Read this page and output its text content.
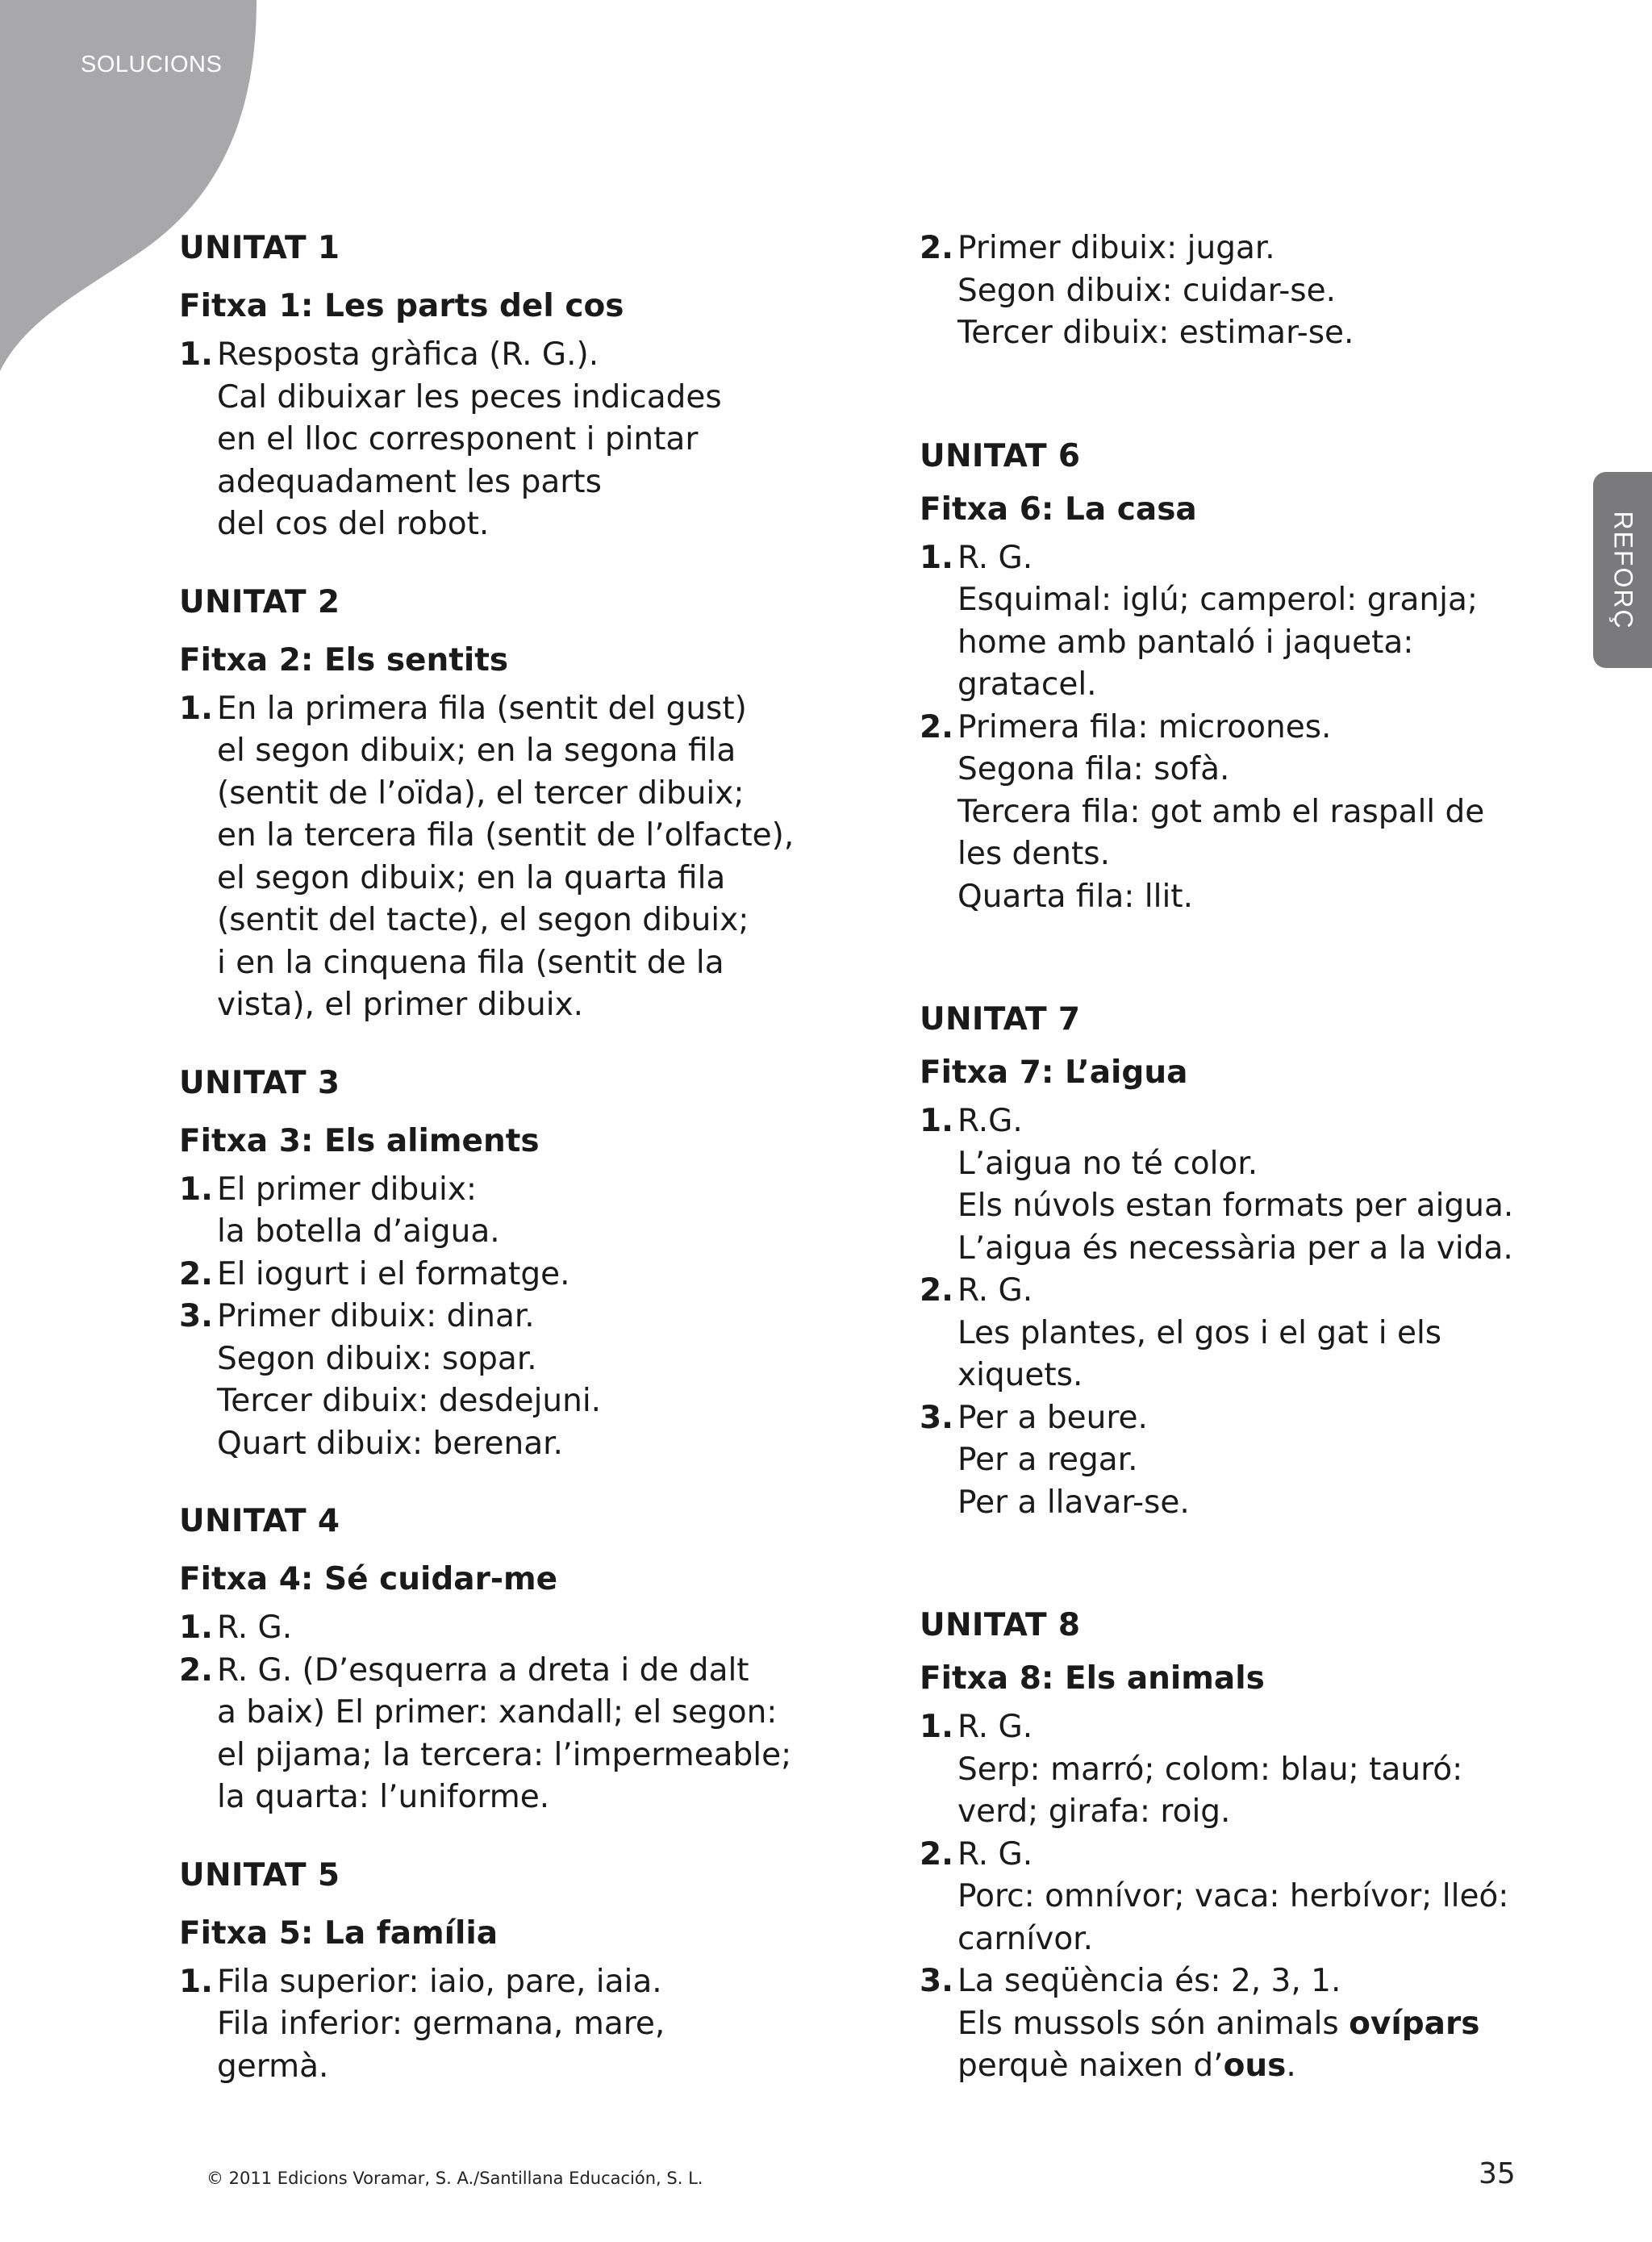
SOLUCIONS
REFORÇ
UNITAT 1
Fitxa 1: Les parts del cos
1. Resposta gràfica (R. G.).
Cal dibuixar les peces indicades
en el lloc corresponent i pintar
adequadament les parts
del cos del robot.
UNITAT 2
Fitxa 2: Els sentits
1. En la primera fila (sentit del gust)
el segon dibuix; en la segona fila
(sentit de l’oïda), el tercer dibuix;
en la tercera fila (sentit de l’olfacte),
el segon dibuix; en la quarta fila
(sentit del tacte), el segon dibuix;
i en la cinquena fila (sentit de la
vista), el primer dibuix.
UNITAT 3
Fitxa 3: Els aliments
1. El primer dibuix:
la botella d’aigua.
2. El iogurt i el formatge.
3. Primer dibuix: dinar.
Segon dibuix: sopar.
Tercer dibuix: desdejuni.
Quart dibuix: berenar.
UNITAT 4
Fitxa 4: Sé cuidar-me
1. R. G.
2. R. G. (D’esquerra a dreta i de dalt
a baix) El primer: xandall; el segon:
el pijama; la tercera: l’impermeable;
la quarta: l’uniforme.
UNITAT 5
Fitxa 5: La família
1. Fila superior: iaio, pare, iaia.
Fila inferior: germana, mare,
germà.
2. Primer dibuix: jugar.
Segon dibuix: cuidar-se.
Tercer dibuix: estimar-se.
UNITAT 6
Fitxa 6: La casa
1. R. G.
Esquimal: iglú; camperol: granja;
home amb pantaló i jaqueta:
gratacel.
2. Primera fila: microones.
Segona fila: sofà.
Tercera fila: got amb el raspall de
les dents.
Quarta fila: llit.
UNITAT 7
Fitxa 7: L’aigua
1. R.G.
L’aigua no té color.
Els núvols estan formats per aigua.
L’aigua és necessària per a la vida.
2. R. G.
Les plantes, el gos i el gat i els
xiquets.
3. Per a beure.
Per a regar.
Per a llavar-se.
UNITAT 8
Fitxa 8: Els animals
1. R. G.
Serp: marró; colom: blau; tauró:
verd; girafa: roig.
2. R. G.
Porc: omnívor; vaca: herbívor; lleó:
carnívor.
3. La seqüència és: 2, 3, 1.
Els mussols són animals ovípars
perquè naixen d’ous.
© 2011 Edicions Voramar, S. A./Santillana Educación, S. L.	35
